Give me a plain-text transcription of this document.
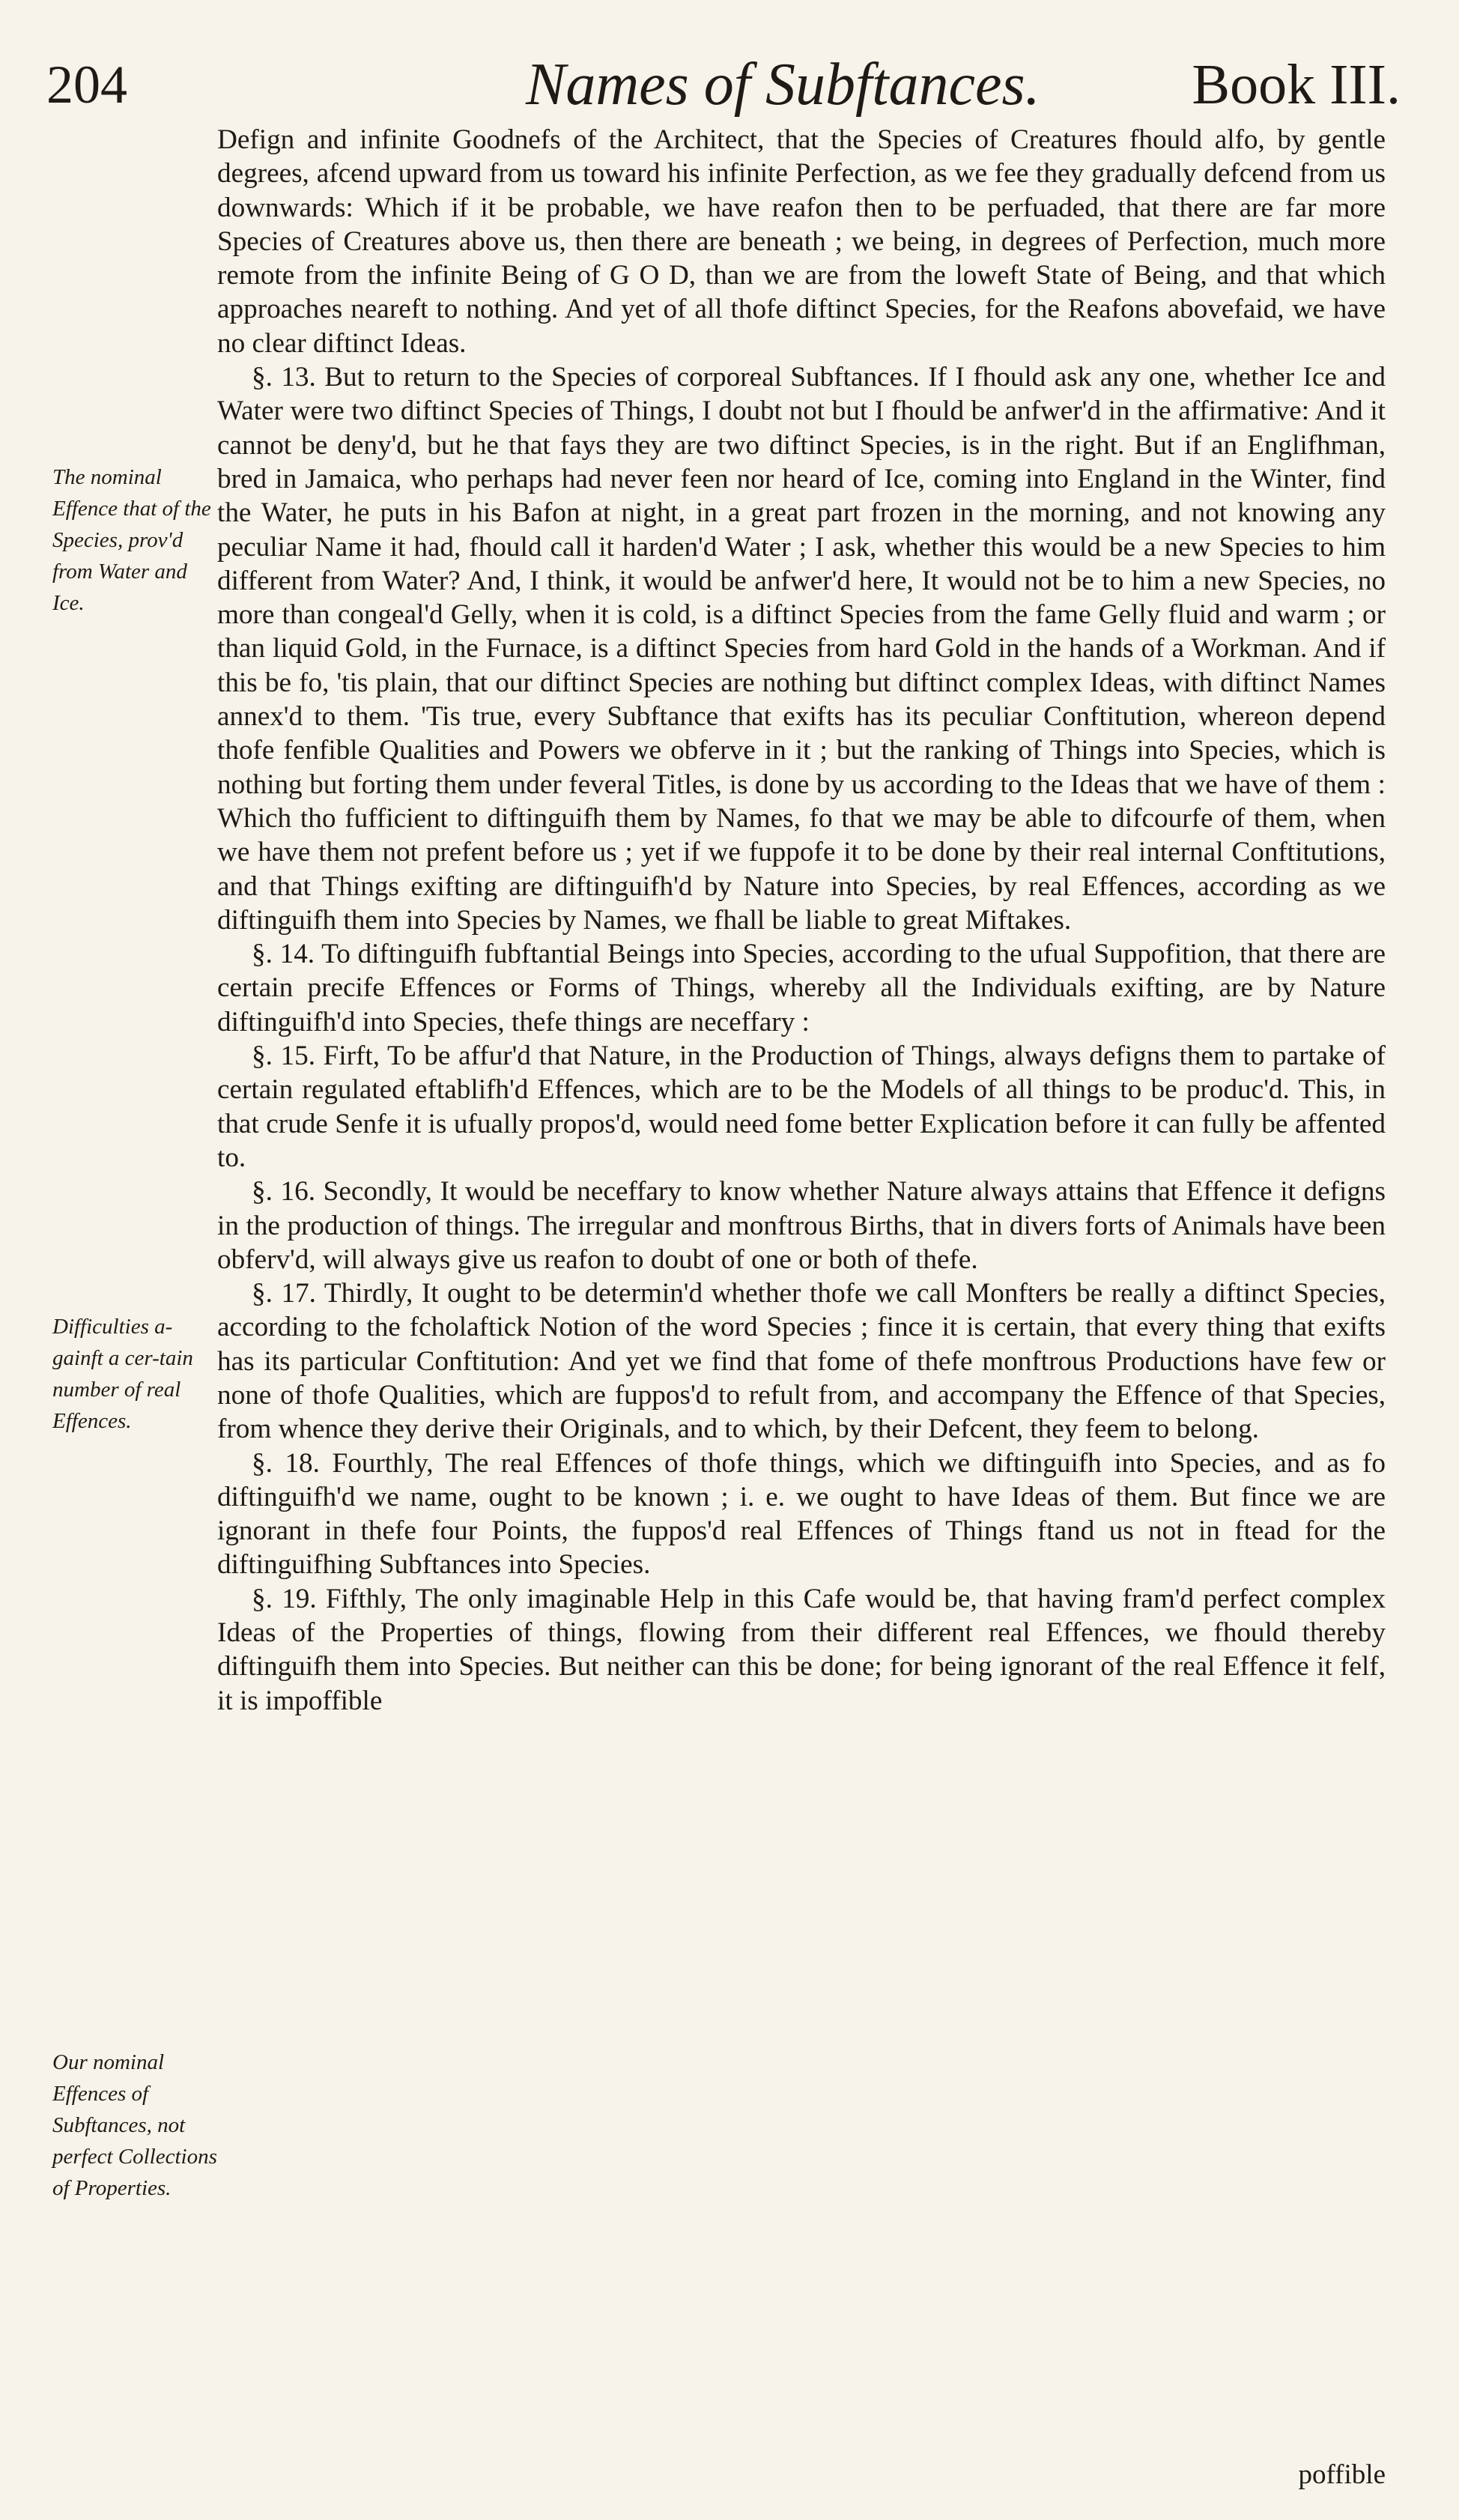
204	Names of Subftances.	Book III.
The nominal Effence that of the Species, prov'd from Water and Ice.
Difficulties a-gainft a cer-tain number of real Effences.
Our nominal Effences of Subftances, not perfect Collections of Properties.

Defign and infinite Goodnefs of the Architect, that the Species of Creatures fhould alfo, by gentle degrees, afcend upward from us toward his infinite Perfection, as we fee they gradually defcend from us downwards: Which if it be probable, we have reafon then to be perfuaded, that there are far more Species of Creatures above us, then there are beneath ; we being, in degrees of Perfection, much more remote from the infinite Being of G O D, than we are from the loweft State of Being, and that which approaches neareft to nothing. And yet of all thofe diftinct Species, for the Reafons abovefaid, we have no clear diftinct Ideas.

§. 13. But to return to the Species of corporeal Subftances. If I fhould ask any one, whether Ice and Water were two diftinct Species of Things, I doubt not but I fhould be anfwer'd in the affirmative: And it cannot be deny'd, but he that fays they are two diftinct Species, is in the right. But if an Englifhman, bred in Jamaica, who perhaps had never feen nor heard of Ice, coming into England in the Winter, find the Water, he puts in his Bafon at night, in a great part frozen in the morning, and not knowing any peculiar Name it had, fhould call it harden'd Water ; I ask, whether this would be a new Species to him different from Water? And, I think, it would be anfwer'd here, It would not be to him a new Species, no more than congeal'd Gelly, when it is cold, is a diftinct Species from the fame Gelly fluid and warm ; or than liquid Gold, in the Furnace, is a diftinct Species from hard Gold in the hands of a Workman. And if this be fo, 'tis plain, that our diftinct Species are nothing but diftinct complex Ideas, with diftinct Names annex'd to them. 'Tis true, every Subftance that exifts has its peculiar Conftitution, whereon depend thofe fenfible Qualities and Powers we obferve in it ; but the ranking of Things into Species, which is nothing but forting them under feveral Titles, is done by us according to the Ideas that we have of them : Which tho fufficient to diftinguifh them by Names, fo that we may be able to difcourfe of them, when we have them not prefent before us ; yet if we fuppofe it to be done by their real internal Conftitutions, and that Things exifting are diftinguifh'd by Nature into Species, by real Effences, according as we diftinguifh them into Species by Names, we fhall be liable to great Miftakes.

§. 14. To diftinguifh fubftantial Beings into Species, according to the ufual Suppofition, that there are certain precife Effences or Forms of Things, whereby all the Individuals exifting, are by Nature diftinguifh'd into Species, thefe things are neceffary :

§. 15. Firft, To be affur'd that Nature, in the Production of Things, always defigns them to partake of certain regulated eftablifh'd Effences, which are to be the Models of all things to be produc'd. This, in that crude Senfe it is ufually propos'd, would need fome better Explication before it can fully be affented to.

§. 16. Secondly, It would be neceffary to know whether Nature always attains that Effence it defigns in the production of things. The irregular and monftrous Births, that in divers forts of Animals have been obferv'd, will always give us reafon to doubt of one or both of thefe.

§. 17. Thirdly, It ought to be determin'd whether thofe we call Monfters be really a diftinct Species, according to the fcholaftick Notion of the word Species ; fince it is certain, that every thing that exifts has its particular Conftitution: And yet we find that fome of thefe monftrous Productions have few or none of thofe Qualities, which are fuppos'd to refult from, and accompany the Effence of that Species, from whence they derive their Originals, and to which, by their Defcent, they feem to belong.

§. 18. Fourthly, The real Effences of thofe things, which we diftinguifh into Species, and as fo diftinguifh'd we name, ought to be known ; i. e. we ought to have Ideas of them. But fince we are ignorant in thefe four Points, the fuppos'd real Effences of Things ftand us not in ftead for the diftinguifhing Subftances into Species.

§. 19. Fifthly, The only imaginable Help in this Cafe would be, that having fram'd perfect complex Ideas of the Properties of things, flowing from their different real Effences, we fhould thereby diftinguifh them into Species. But neither can this be done; for being ignorant of the real Effence it felf, it is impoffible

poffible
